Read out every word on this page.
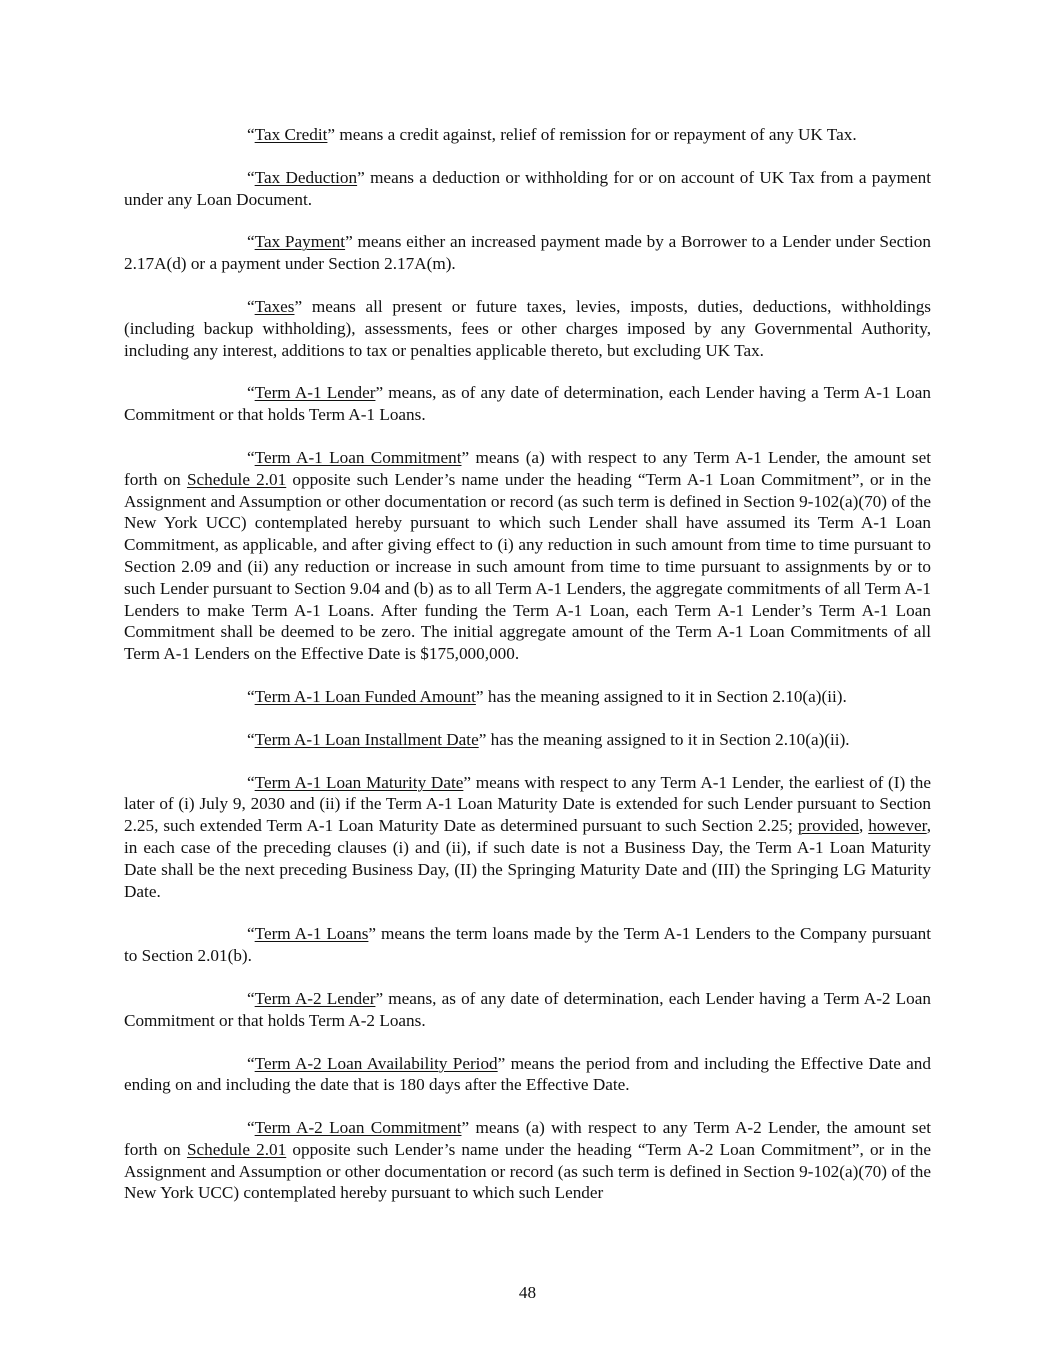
“Tax Credit” means a credit against, relief of remission for or repayment of any UK Tax.

“Tax Deduction” means a deduction or withholding for or on account of UK Tax from a payment under any Loan Document.

“Tax Payment” means either an increased payment made by a Borrower to a Lender under Section 2.17A(d) or a payment under Section 2.17A(m).

“Taxes” means all present or future taxes, levies, imposts, duties, deductions, withholdings (including backup withholding), assessments, fees or other charges imposed by any Governmental Authority, including any interest, additions to tax or penalties applicable thereto, but excluding UK Tax.

“Term A-1 Lender” means, as of any date of determination, each Lender having a Term A-1 Loan Commitment or that holds Term A-1 Loans.

“Term A-1 Loan Commitment” means (a) with respect to any Term A-1 Lender, the amount set forth on Schedule 2.01 opposite such Lender’s name under the heading “Term A-1 Loan Commitment”, or in the Assignment and Assumption or other documentation or record (as such term is defined in Section 9-102(a)(70) of the New York UCC) contemplated hereby pursuant to which such Lender shall have assumed its Term A-1 Loan Commitment, as applicable, and after giving effect to (i) any reduction in such amount from time to time pursuant to Section 2.09 and (ii) any reduction or increase in such amount from time to time pursuant to assignments by or to such Lender pursuant to Section 9.04 and (b) as to all Term A-1 Lenders, the aggregate commitments of all Term A-1 Lenders to make Term A-1 Loans. After funding the Term A-1 Loan, each Term A-1 Lender’s Term A-1 Loan Commitment shall be deemed to be zero. The initial aggregate amount of the Term A-1 Loan Commitments of all Term A-1 Lenders on the Effective Date is $175,000,000.

“Term A-1 Loan Funded Amount” has the meaning assigned to it in Section 2.10(a)(ii).

“Term A-1 Loan Installment Date” has the meaning assigned to it in Section 2.10(a)(ii).

“Term A-1 Loan Maturity Date” means with respect to any Term A-1 Lender, the earliest of (I) the later of (i) July 9, 2030 and (ii) if the Term A-1 Loan Maturity Date is extended for such Lender pursuant to Section 2.25, such extended Term A-1 Loan Maturity Date as determined pursuant to such Section 2.25; provided, however, in each case of the preceding clauses (i) and (ii), if such date is not a Business Day, the Term A-1 Loan Maturity Date shall be the next preceding Business Day, (II) the Springing Maturity Date and (III) the Springing LG Maturity Date.

“Term A-1 Loans” means the term loans made by the Term A-1 Lenders to the Company pursuant to Section 2.01(b).

“Term A-2 Lender” means, as of any date of determination, each Lender having a Term A-2 Loan Commitment or that holds Term A-2 Loans.

“Term A-2 Loan Availability Period” means the period from and including the Effective Date and ending on and including the date that is 180 days after the Effective Date.

“Term A-2 Loan Commitment” means (a) with respect to any Term A-2 Lender, the amount set forth on Schedule 2.01 opposite such Lender’s name under the heading “Term A-2 Loan Commitment”, or in the Assignment and Assumption or other documentation or record (as such term is defined in Section 9-102(a)(70) of the New York UCC) contemplated hereby pursuant to which such Lender

48
